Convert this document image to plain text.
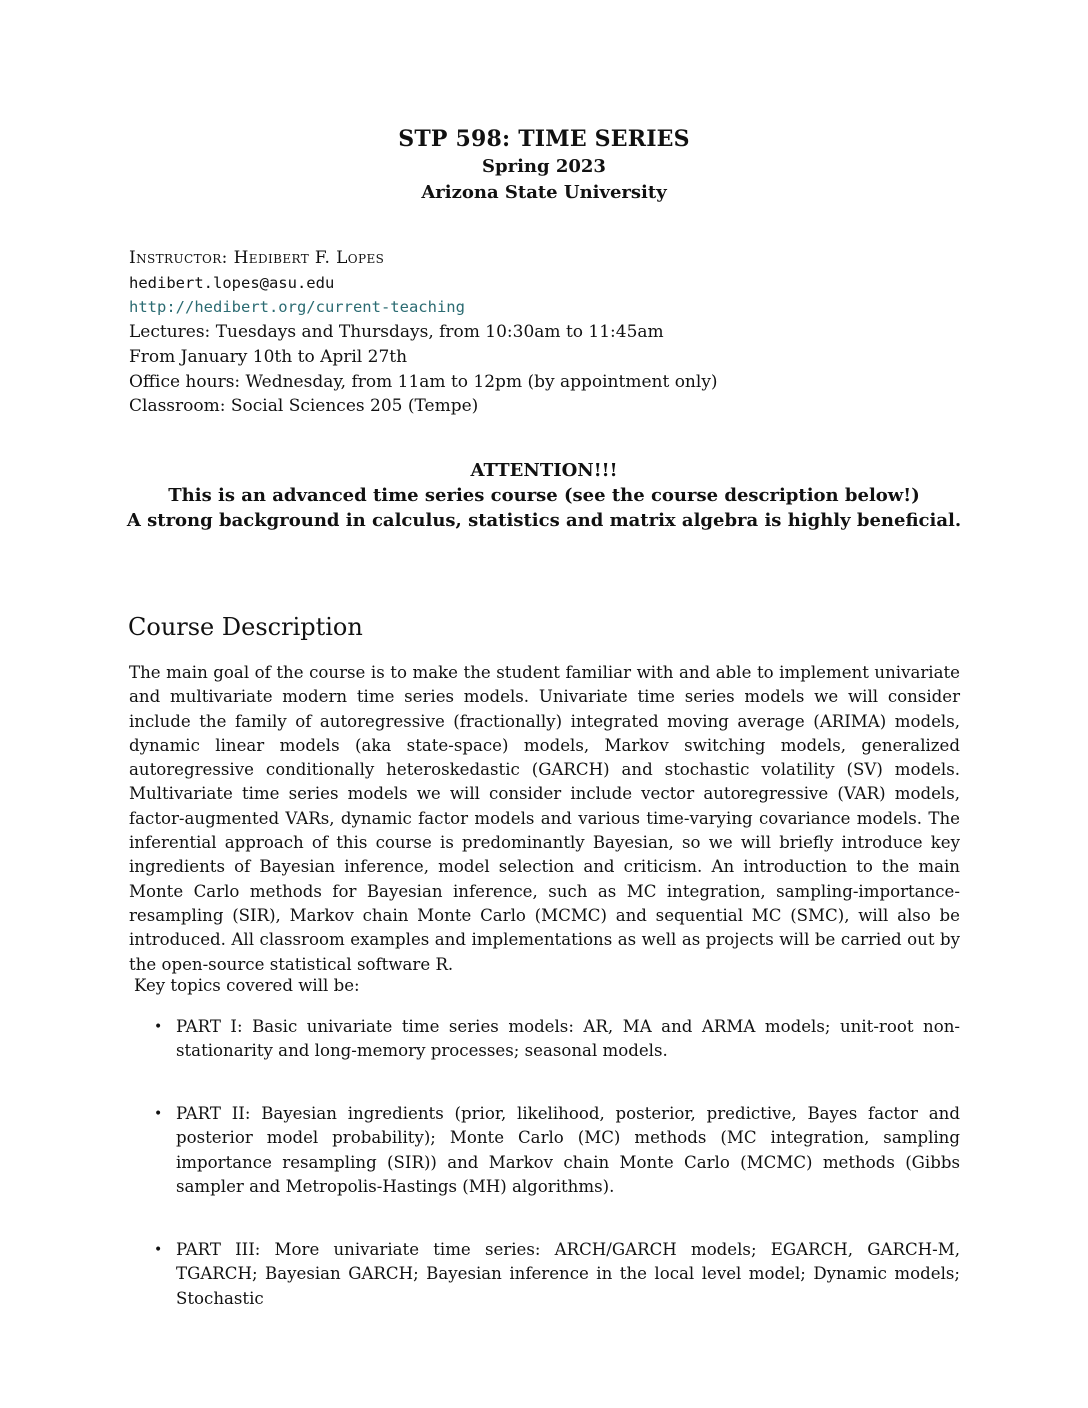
STP 598: TIME SERIES
Spring 2023
Arizona State University
Instructor: Hedibert F. Lopes
hedibert.lopes@asu.edu
http://hedibert.org/current-teaching
Lectures: Tuesdays and Thursdays, from 10:30am to 11:45am
From January 10th to April 27th
Office hours: Wednesday, from 11am to 12pm (by appointment only)
Classroom: Social Sciences 205 (Tempe)
ATTENTION!!!
This is an advanced time series course (see the course description below!)
A strong background in calculus, statistics and matrix algebra is highly beneficial.
Course Description

The main goal of the course is to make the student familiar with and able to implement univariate and multivariate modern time series models. Univariate time series models we will consider include the family of autoregressive (fractionally) integrated moving average (ARIMA) models, dynamic linear models (aka state-space) models, Markov switching models, generalized autoregressive conditionally heteroskedastic (GARCH) and stochastic volatility (SV) models. Multivariate time series models we will consider include vector autoregressive (VAR) models, factor-augmented VARs, dynamic factor models and various time-varying covariance models. The inferential approach of this course is predominantly Bayesian, so we will briefly introduce key ingredients of Bayesian inference, model selection and criticism. An introduction to the main Monte Carlo methods for Bayesian inference, such as MC integration, sampling-importance-resampling (SIR), Markov chain Monte Carlo (MCMC) and sequential MC (SMC), will also be introduced. All classroom examples and implementations as well as projects will be carried out by the open-source statistical software R.

Key topics covered will be:
• PART I: Basic univariate time series models: AR, MA and ARMA models; unit-root non-stationarity and long-memory processes; seasonal models.
• PART II: Bayesian ingredients (prior, likelihood, posterior, predictive, Bayes factor and posterior model probability); Monte Carlo (MC) methods (MC integration, sampling importance resampling (SIR)) and Markov chain Monte Carlo (MCMC) methods (Gibbs sampler and Metropolis-Hastings (MH) algorithms).
• PART III: More univariate time series: ARCH/GARCH models; EGARCH, GARCH-M, TGARCH; Bayesian GARCH; Bayesian inference in the local level model; Dynamic models; Stochastic
